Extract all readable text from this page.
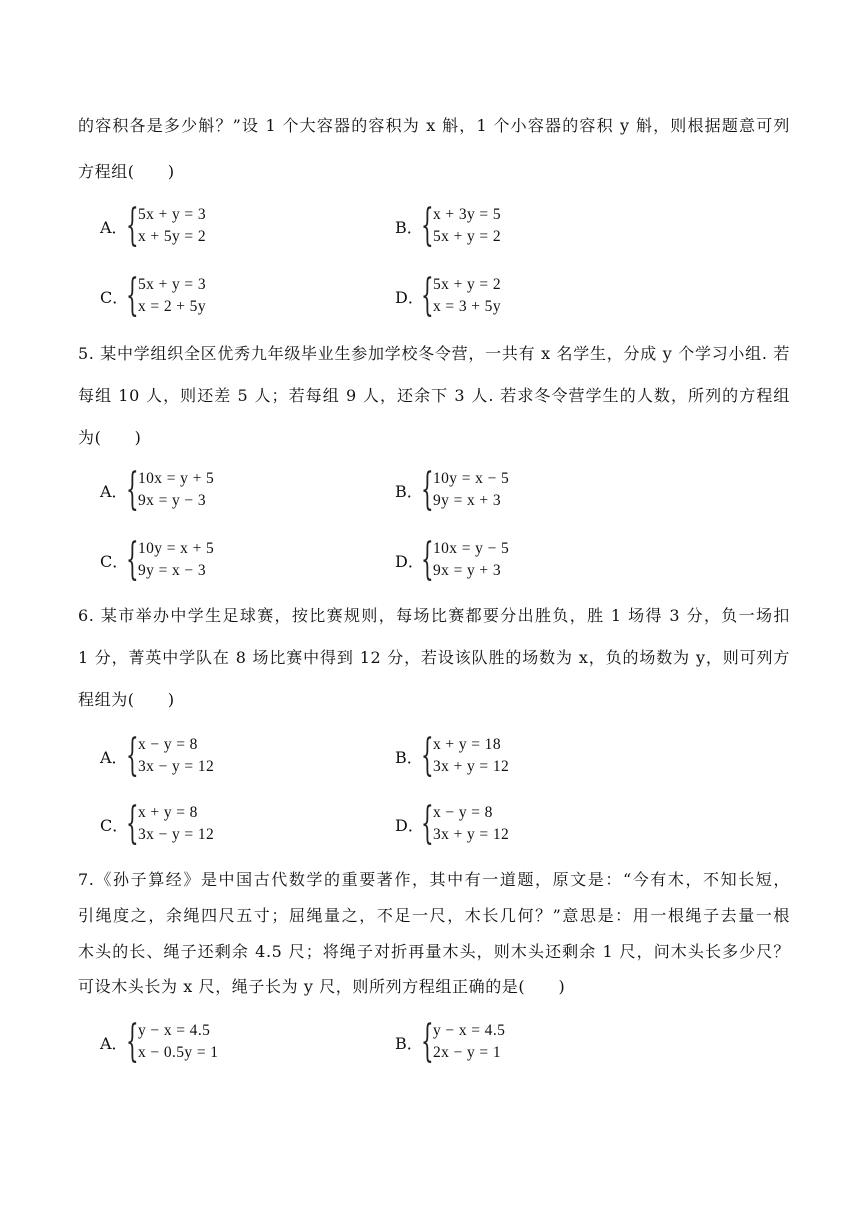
的容积各是多少斛？”设 1 个大容器的容积为 x 斛，1 个小容器的容积 y 斛，则根据题意可列
方程组(　　)
A．
{ 5x + y = 3
x + 5y = 2	B．
{ x + 3y = 5
5x + y = 2
C．
{ 5x + y = 3
x = 2 + 5y	D．
{ 5x + y = 2
x = 3 + 5y
5. 某中学组织全区优秀九年级毕业生参加学校冬令营，一共有 x 名学生，分成 y 个学习小组. 若
每组 10 人，则还差 5 人；若每组 9 人，还余下 3 人. 若求冬令营学生的人数，所列的方程组
为(　　)
A．
{ 10x = y + 5
9x = y − 3	B．
{ 10y = x − 5
9y = x + 3
C．
{ 10y = x + 5
9y = x − 3	D．
{ 10x = y − 5
9x = y + 3
6. 某市举办中学生足球赛，按比赛规则，每场比赛都要分出胜负，胜 1 场得 3 分，负一场扣
1 分，菁英中学队在 8 场比赛中得到 12 分，若设该队胜的场数为 x，负的场数为 y，则可列方
程组为(　　)
A．
{ x − y = 8
3x − y = 12	B．
{ x + y = 18
3x + y = 12
C．
{ x + y = 8
3x − y = 12	D．
{ x − y = 8
3x + y = 12
7.《孙子算经》是中国古代数学的重要著作，其中有一道题，原文是：“今有木，不知长短，
引绳度之，余绳四尺五寸；屈绳量之，不足一尺，木长几何？”意思是：用一根绳子去量一根
木头的长、绳子还剩余 4.5 尺；将绳子对折再量木头，则木头还剩余 1 尺，问木头长多少尺？
可设木头长为 x 尺，绳子长为 y 尺，则所列方程组正确的是(　　)
A．
{ y − x = 4.5
x − 0.5y = 1	B．
{ y − x = 4.5
2x − y = 1
